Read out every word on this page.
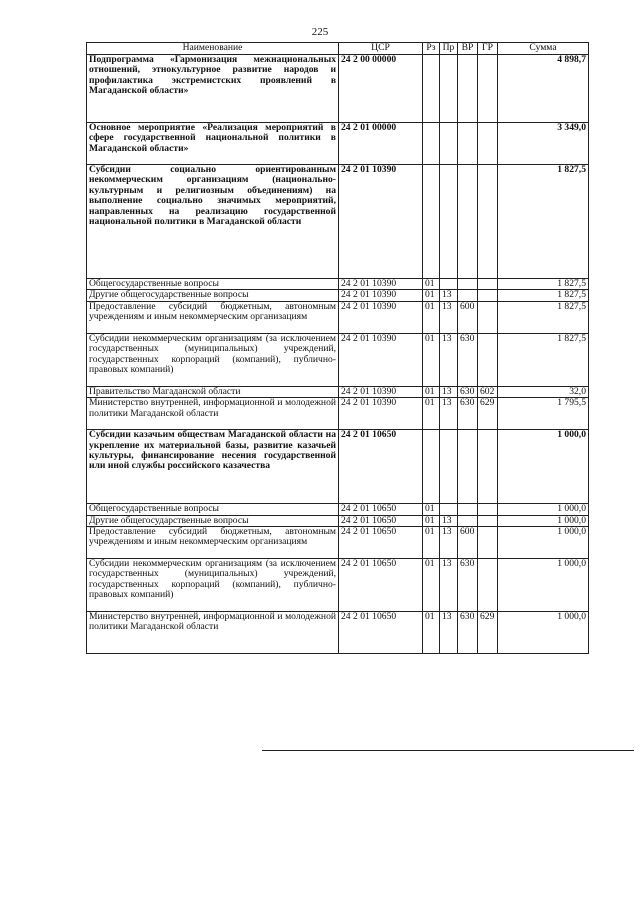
225
Наименование	ЦСР	Рз	Пр	ВР	ГР	Сумма
Подпрограмма «Гармонизация межнациональных отношений, этнокультурное развитие народов и профилактика экстремистских проявлений в Магаданской области»	24 2 00 00000					4 898,7
Основное мероприятие «Реализация мероприятий в сфере государственной национальной политики в Магаданской области»	24 2 01 00000					3 349,0
Субсидии социально ориентированным некоммерческим организациям (национально-культурным и религиозным объединениям) на выполнение социально значимых мероприятий, направленных на реализацию государственной национальной политики в Магаданской области	24 2 01 10390					1 827,5
Общегосударственные вопросы	24 2 01 10390	01				1 827,5
Другие общегосударственные вопросы	24 2 01 10390	01	13			1 827,5
Предоставление субсидий бюджетным, автономным учреждениям и иным некоммерческим организациям	24 2 01 10390	01	13	600		1 827,5
Субсидии некоммерческим организациям (за исключением государственных (муниципальных) учреждений, государственных корпораций (компаний), публично-правовых компаний)	24 2 01 10390	01	13	630		1 827,5
Правительство Магаданской области	24 2 01 10390	01	13	630	602	32,0
Министерство внутренней, информационной и молодежной политики Магаданской области	24 2 01 10390	01	13	630	629	1 795,5
Субсидии казачьим обществам Магаданской области на укрепление их материальной базы, развитие казачьей культуры, финансирование несения государственной или иной службы российского казачества	24 2 01 10650					1 000,0
Общегосударственные вопросы	24 2 01 10650	01				1 000,0
Другие общегосударственные вопросы	24 2 01 10650	01	13			1 000,0
Предоставление субсидий бюджетным, автономным учреждениям и иным некоммерческим организациям	24 2 01 10650	01	13	600		1 000,0
Субсидии некоммерческим организациям (за исключением государственных (муниципальных) учреждений, государственных корпораций (компаний), публично-правовых компаний)	24 2 01 10650	01	13	630		1 000,0
Министерство внутренней, информационной и молодежной политики Магаданской области	24 2 01 10650	01	13	630	629	1 000,0
